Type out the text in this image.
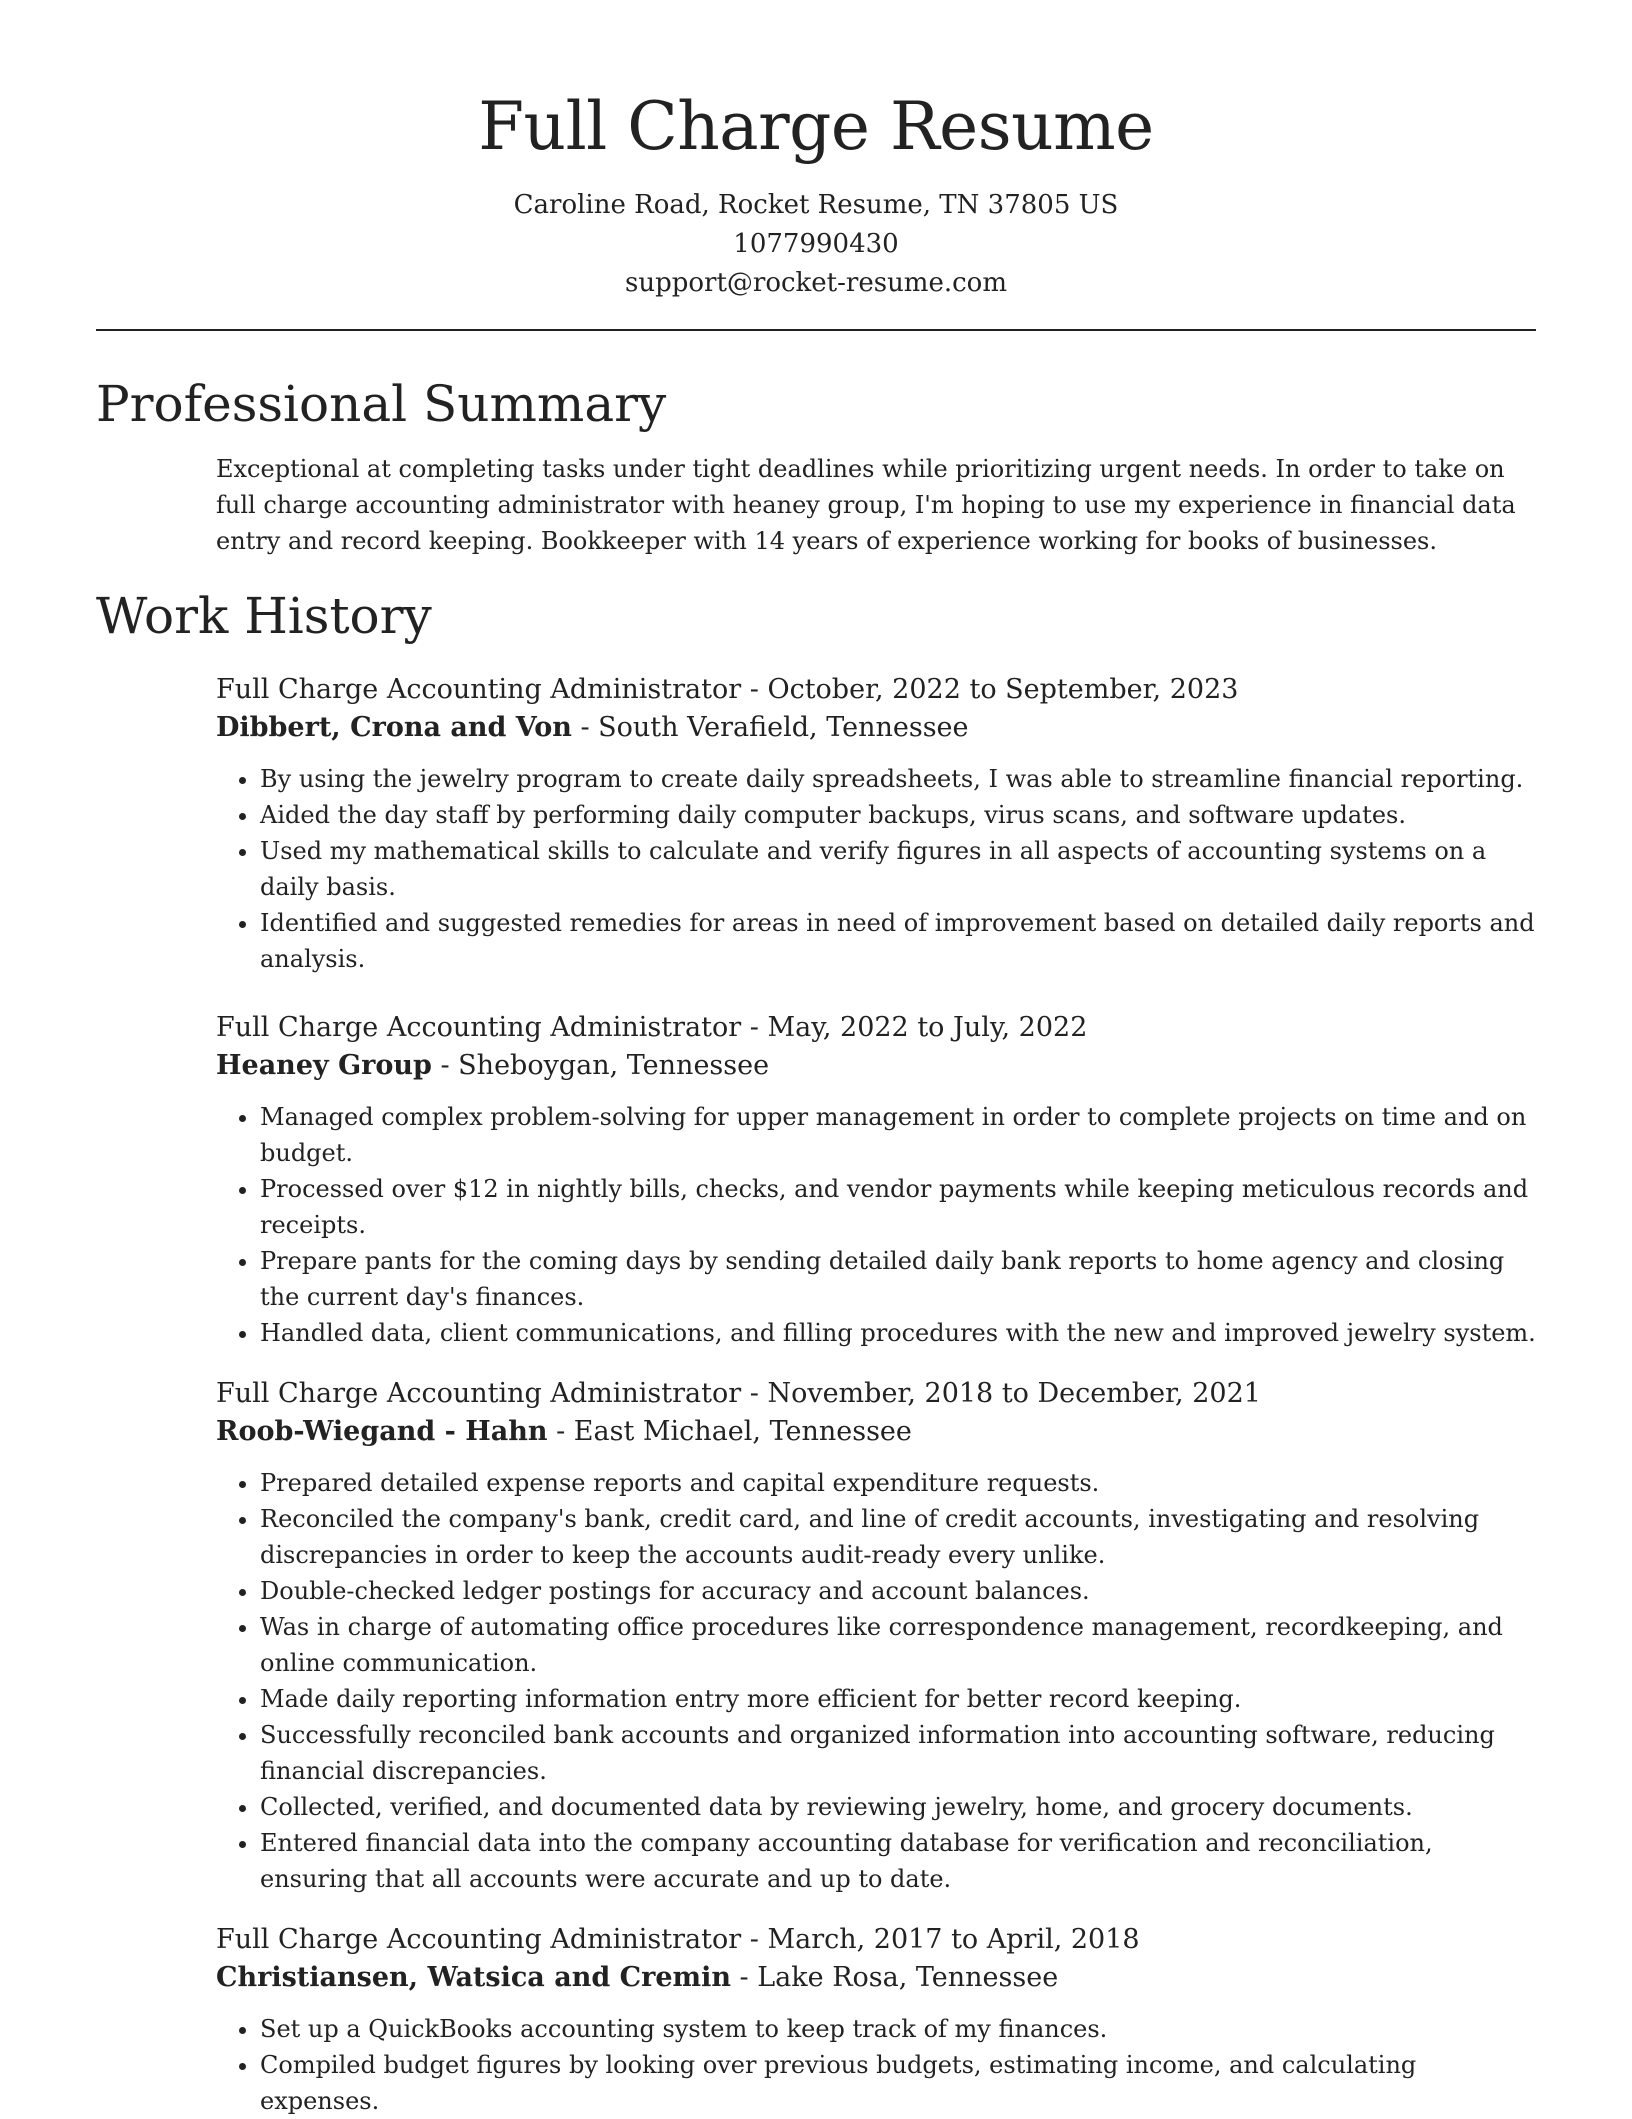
Full Charge Resume
Caroline Road, Rocket Resume, TN 37805 US
1077990430
support@rocket-resume.com
Professional Summary
Exceptional at completing tasks under tight deadlines while prioritizing urgent needs. In order to take on full charge accounting administrator with heaney group, I'm hoping to use my experience in financial data entry and record keeping. Bookkeeper with 14 years of experience working for books of businesses.
Work History
Full Charge Accounting Administrator - October, 2022 to September, 2023
Dibbert, Crona and Von - South Verafield, Tennessee
• By using the jewelry program to create daily spreadsheets, I was able to streamline financial reporting.
• Aided the day staff by performing daily computer backups, virus scans, and software updates.
• Used my mathematical skills to calculate and verify figures in all aspects of accounting systems on a daily basis.
• Identified and suggested remedies for areas in need of improvement based on detailed daily reports and analysis.
Full Charge Accounting Administrator - May, 2022 to July, 2022
Heaney Group - Sheboygan, Tennessee
• Managed complex problem-solving for upper management in order to complete projects on time and on budget.
• Processed over $12 in nightly bills, checks, and vendor payments while keeping meticulous records and receipts.
• Prepare pants for the coming days by sending detailed daily bank reports to home agency and closing the current day's finances.
• Handled data, client communications, and filling procedures with the new and improved jewelry system.
Full Charge Accounting Administrator - November, 2018 to December, 2021
Roob-Wiegand - Hahn - East Michael, Tennessee
• Prepared detailed expense reports and capital expenditure requests.
• Reconciled the company's bank, credit card, and line of credit accounts, investigating and resolving discrepancies in order to keep the accounts audit-ready every unlike.
• Double-checked ledger postings for accuracy and account balances.
• Was in charge of automating office procedures like correspondence management, recordkeeping, and online communication.
• Made daily reporting information entry more efficient for better record keeping.
• Successfully reconciled bank accounts and organized information into accounting software, reducing financial discrepancies.
• Collected, verified, and documented data by reviewing jewelry, home, and grocery documents.
• Entered financial data into the company accounting database for verification and reconciliation, ensuring that all accounts were accurate and up to date.
Full Charge Accounting Administrator - March, 2017 to April, 2018
Christiansen, Watsica and Cremin - Lake Rosa, Tennessee
• Set up a QuickBooks accounting system to keep track of my finances.
• Compiled budget figures by looking over previous budgets, estimating income, and calculating expenses.
